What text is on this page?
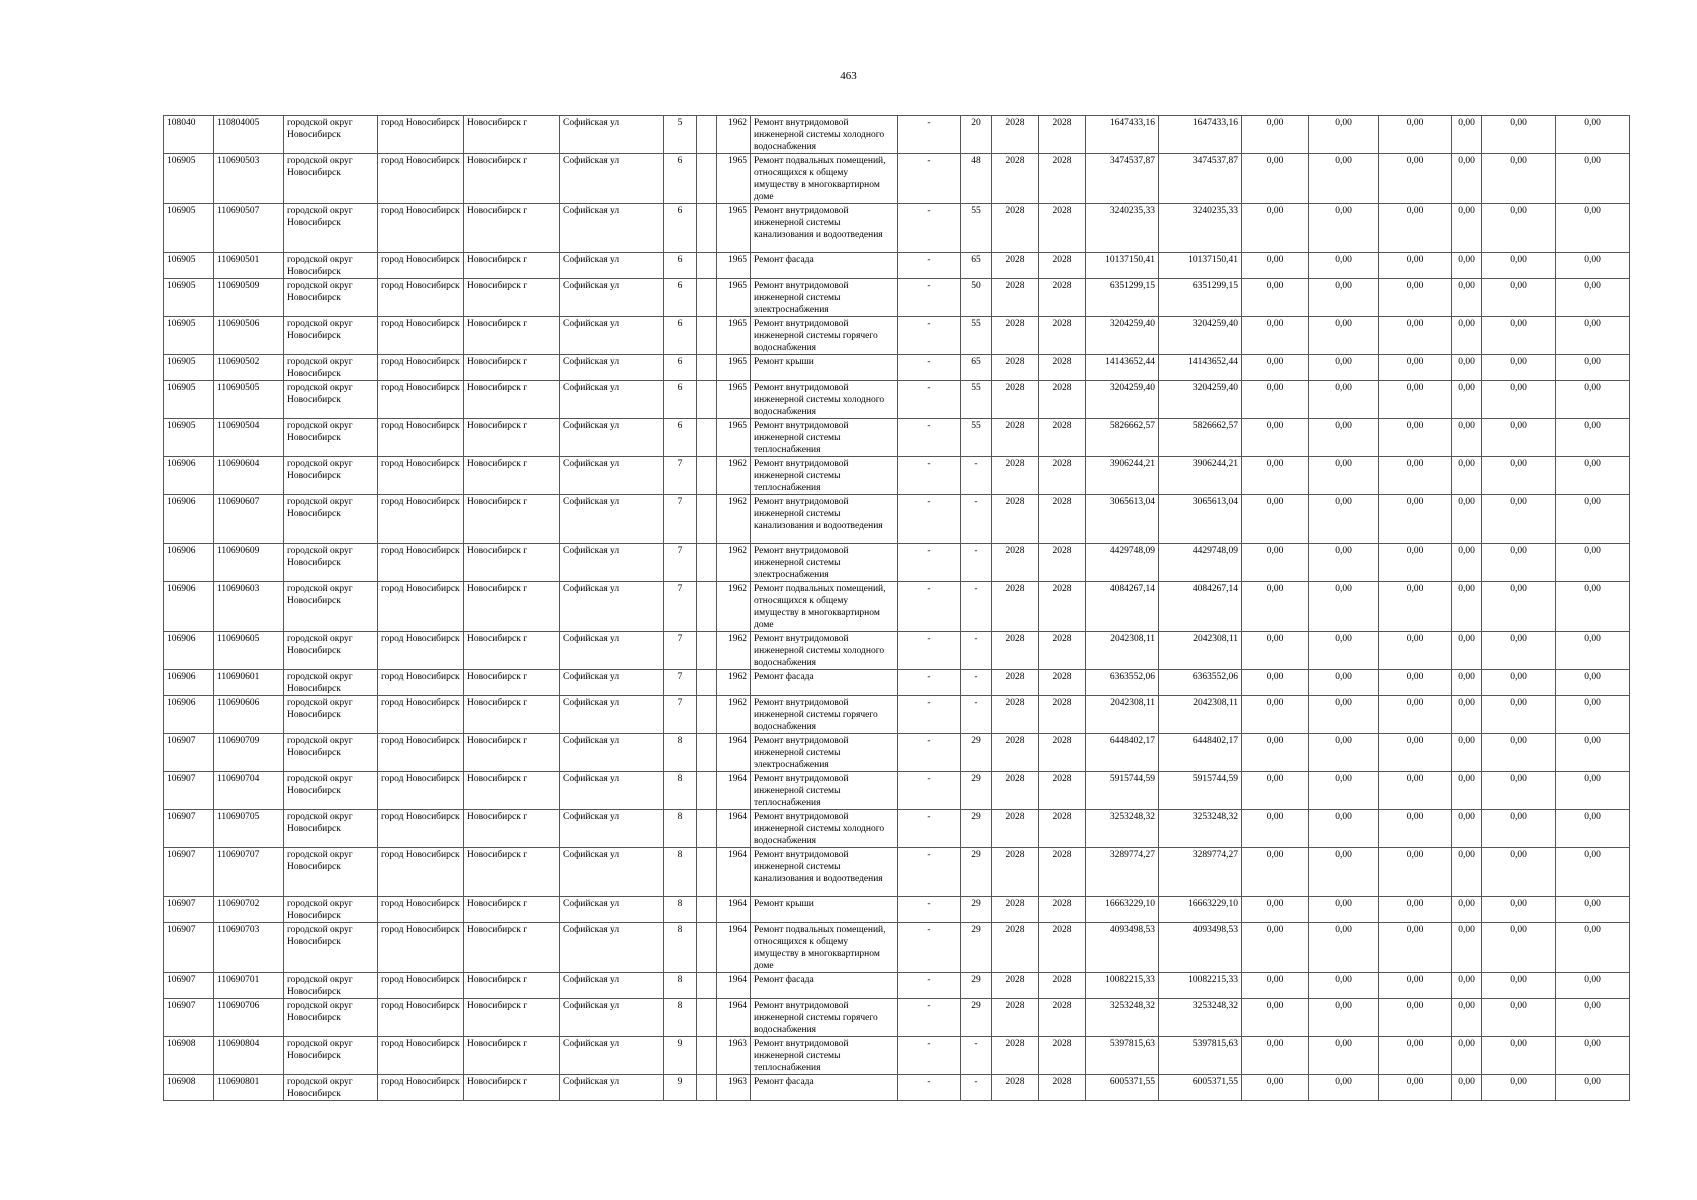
463
108040	110804005	городской округ Новосибирск	город Новосибирск	Новосибирск г	Софийская ул	5		1962	Ремонт внутридомовой инженерной системы холодного водоснабжения	-	20	2028	2028	1647433,16	1647433,16	0,00	0,00	0,00	0,00	0,00	0,00
106905	110690503	городской округ Новосибирск	город Новосибирск	Новосибирск г	Софийская ул	6		1965	Ремонт подвальных помещений, относящихся к общему имуществу в многоквартирном доме	-	48	2028	2028	3474537,87	3474537,87	0,00	0,00	0,00	0,00	0,00	0,00
106905	110690507	городской округ Новосибирск	город Новосибирск	Новосибирск г	Софийская ул	6		1965	Ремонт внутридомовой инженерной системы канализования и водоотведения	-	55	2028	2028	3240235,33	3240235,33	0,00	0,00	0,00	0,00	0,00	0,00
106905	110690501	городской округ Новосибирск	город Новосибирск	Новосибирск г	Софийская ул	6		1965	Ремонт фасада	-	65	2028	2028	10137150,41	10137150,41	0,00	0,00	0,00	0,00	0,00	0,00
106905	110690509	городской округ Новосибирск	город Новосибирск	Новосибирск г	Софийская ул	6		1965	Ремонт внутридомовой инженерной системы электроснабжения	-	50	2028	2028	6351299,15	6351299,15	0,00	0,00	0,00	0,00	0,00	0,00
106905	110690506	городской округ Новосибирск	город Новосибирск	Новосибирск г	Софийская ул	6		1965	Ремонт внутридомовой инженерной системы горячего водоснабжения	-	55	2028	2028	3204259,40	3204259,40	0,00	0,00	0,00	0,00	0,00	0,00
106905	110690502	городской округ Новосибирск	город Новосибирск	Новосибирск г	Софийская ул	6		1965	Ремонт крыши	-	65	2028	2028	14143652,44	14143652,44	0,00	0,00	0,00	0,00	0,00	0,00
106905	110690505	городской округ Новосибирск	город Новосибирск	Новосибирск г	Софийская ул	6		1965	Ремонт внутридомовой инженерной системы холодного водоснабжения	-	55	2028	2028	3204259,40	3204259,40	0,00	0,00	0,00	0,00	0,00	0,00
106905	110690504	городской округ Новосибирск	город Новосибирск	Новосибирск г	Софийская ул	6		1965	Ремонт внутридомовой инженерной системы теплоснабжения	-	55	2028	2028	5826662,57	5826662,57	0,00	0,00	0,00	0,00	0,00	0,00
106906	110690604	городской округ Новосибирск	город Новосибирск	Новосибирск г	Софийская ул	7		1962	Ремонт внутридомовой инженерной системы теплоснабжения	-	-	2028	2028	3906244,21	3906244,21	0,00	0,00	0,00	0,00	0,00	0,00
106906	110690607	городской округ Новосибирск	город Новосибирск	Новосибирск г	Софийская ул	7		1962	Ремонт внутридомовой инженерной системы канализования и водоотведения	-	-	2028	2028	3065613,04	3065613,04	0,00	0,00	0,00	0,00	0,00	0,00
106906	110690609	городской округ Новосибирск	город Новосибирск	Новосибирск г	Софийская ул	7		1962	Ремонт внутридомовой инженерной системы электроснабжения	-	-	2028	2028	4429748,09	4429748,09	0,00	0,00	0,00	0,00	0,00	0,00
106906	110690603	городской округ Новосибирск	город Новосибирск	Новосибирск г	Софийская ул	7		1962	Ремонт подвальных помещений, относящихся к общему имуществу в многоквартирном доме	-	-	2028	2028	4084267,14	4084267,14	0,00	0,00	0,00	0,00	0,00	0,00
106906	110690605	городской округ Новосибирск	город Новосибирск	Новосибирск г	Софийская ул	7		1962	Ремонт внутридомовой инженерной системы холодного водоснабжения	-	-	2028	2028	2042308,11	2042308,11	0,00	0,00	0,00	0,00	0,00	0,00
106906	110690601	городской округ Новосибирск	город Новосибирск	Новосибирск г	Софийская ул	7		1962	Ремонт фасада	-	-	2028	2028	6363552,06	6363552,06	0,00	0,00	0,00	0,00	0,00	0,00
106906	110690606	городской округ Новосибирск	город Новосибирск	Новосибирск г	Софийская ул	7		1962	Ремонт внутридомовой инженерной системы горячего водоснабжения	-	-	2028	2028	2042308,11	2042308,11	0,00	0,00	0,00	0,00	0,00	0,00
106907	110690709	городской округ Новосибирск	город Новосибирск	Новосибирск г	Софийская ул	8		1964	Ремонт внутридомовой инженерной системы электроснабжения	-	29	2028	2028	6448402,17	6448402,17	0,00	0,00	0,00	0,00	0,00	0,00
106907	110690704	городской округ Новосибирск	город Новосибирск	Новосибирск г	Софийская ул	8		1964	Ремонт внутридомовой инженерной системы теплоснабжения	-	29	2028	2028	5915744,59	5915744,59	0,00	0,00	0,00	0,00	0,00	0,00
106907	110690705	городской округ Новосибирск	город Новосибирск	Новосибирск г	Софийская ул	8		1964	Ремонт внутридомовой инженерной системы холодного водоснабжения	-	29	2028	2028	3253248,32	3253248,32	0,00	0,00	0,00	0,00	0,00	0,00
106907	110690707	городской округ Новосибирск	город Новосибирск	Новосибирск г	Софийская ул	8		1964	Ремонт внутридомовой инженерной системы канализования и водоотведения	-	29	2028	2028	3289774,27	3289774,27	0,00	0,00	0,00	0,00	0,00	0,00
106907	110690702	городской округ Новосибирск	город Новосибирск	Новосибирск г	Софийская ул	8		1964	Ремонт крыши	-	29	2028	2028	16663229,10	16663229,10	0,00	0,00	0,00	0,00	0,00	0,00
106907	110690703	городской округ Новосибирск	город Новосибирск	Новосибирск г	Софийская ул	8		1964	Ремонт подвальных помещений, относящихся к общему имуществу в многоквартирном доме	-	29	2028	2028	4093498,53	4093498,53	0,00	0,00	0,00	0,00	0,00	0,00
106907	110690701	городской округ Новосибирск	город Новосибирск	Новосибирск г	Софийская ул	8		1964	Ремонт фасада	-	29	2028	2028	10082215,33	10082215,33	0,00	0,00	0,00	0,00	0,00	0,00
106907	110690706	городской округ Новосибирск	город Новосибирск	Новосибирск г	Софийская ул	8		1964	Ремонт внутридомовой инженерной системы горячего водоснабжения	-	29	2028	2028	3253248,32	3253248,32	0,00	0,00	0,00	0,00	0,00	0,00
106908	110690804	городской округ Новосибирск	город Новосибирск	Новосибирск г	Софийская ул	9		1963	Ремонт внутридомовой инженерной системы теплоснабжения	-	-	2028	2028	5397815,63	5397815,63	0,00	0,00	0,00	0,00	0,00	0,00
106908	110690801	городской округ Новосибирск	город Новосибирск	Новосибирск г	Софийская ул	9		1963	Ремонт фасада	-	-	2028	2028	6005371,55	6005371,55	0,00	0,00	0,00	0,00	0,00	0,00
